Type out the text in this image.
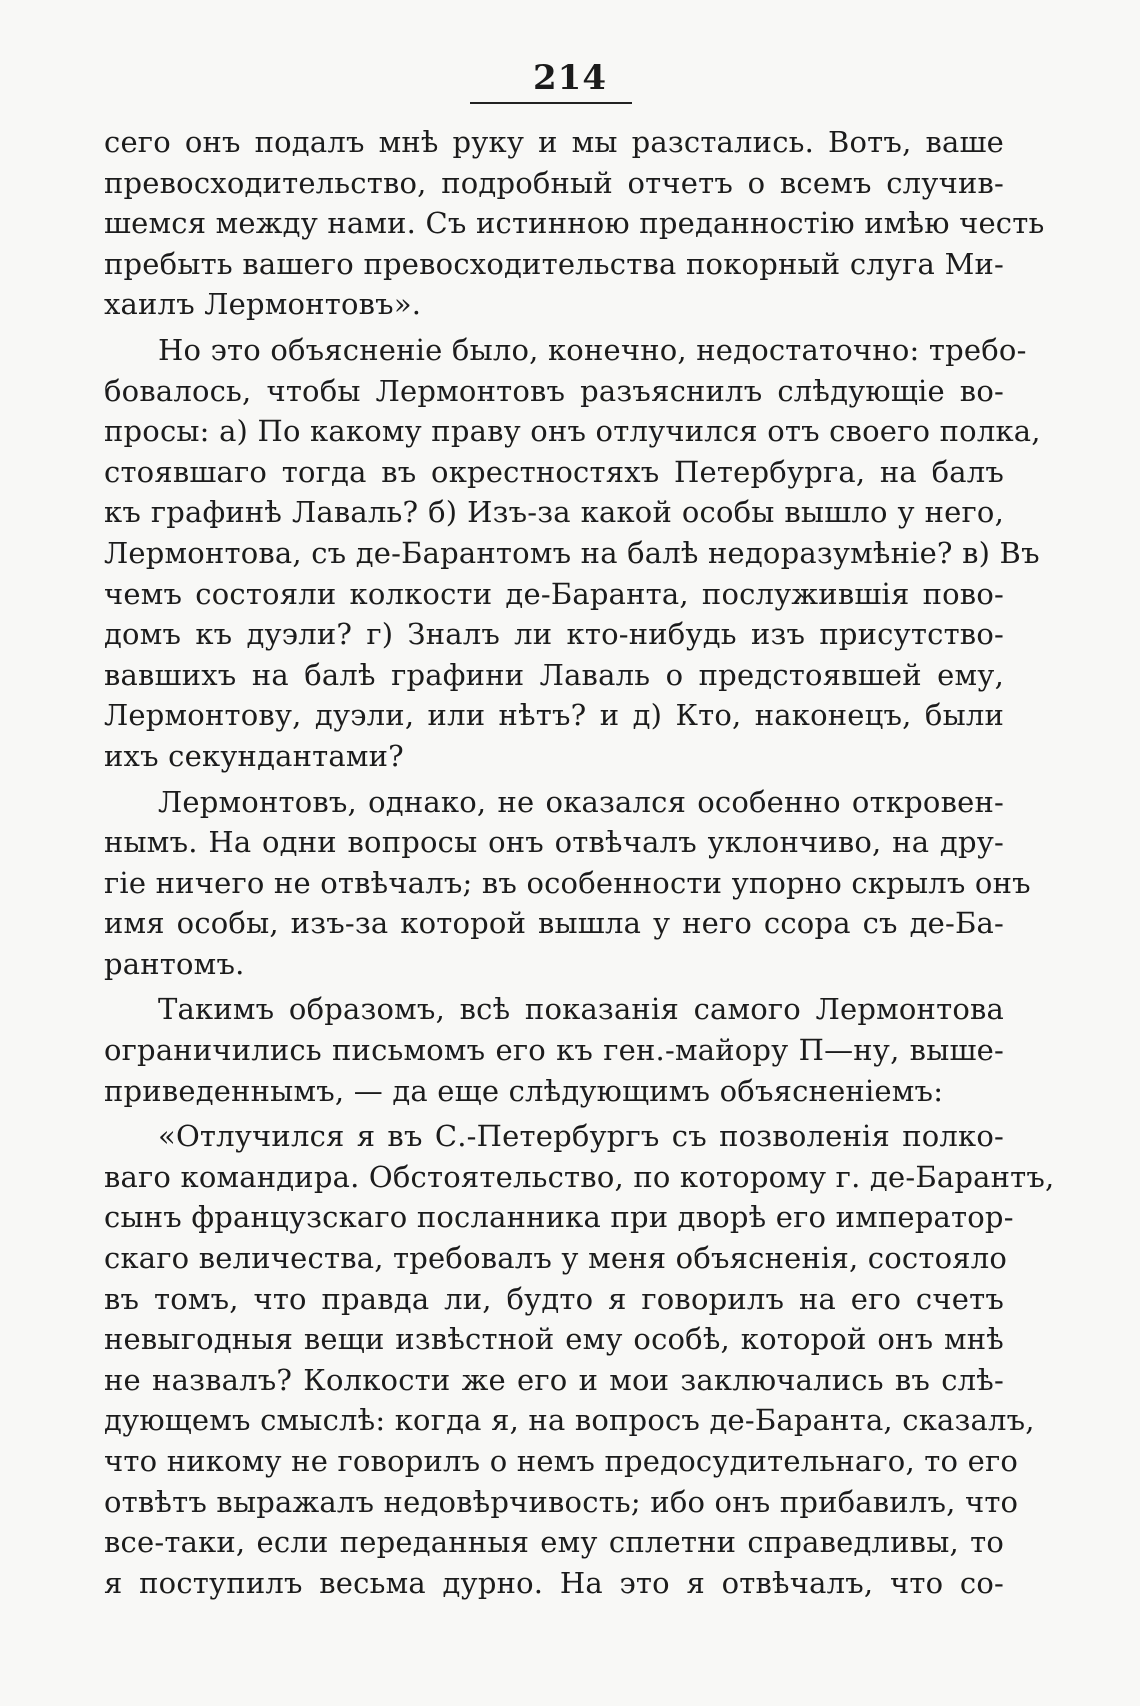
214
сего онъ подалъ мнѣ руку и мы разстались. Вотъ, ваше
превосходительство, подробный отчетъ о всемъ случив-
шемся между нами. Съ истинною преданностію имѣю честь
пребыть вашего превосходительства покорный слуга Ми-
хаилъ Лермонтовъ».
Но это объясненіе было, конечно, недостаточно: требо-
бовалось, чтобы Лермонтовъ разъяснилъ слѣдующіе во-
просы: а) По какому праву онъ отлучился отъ своего полка,
стоявшаго тогда въ окрестностяхъ Петербурга, на балъ
къ графинѣ Лаваль? б) Изъ-за какой особы вышло у него,
Лермонтова, съ де-Барантомъ на балѣ недоразумѣніе? в) Въ
чемъ состояли колкости де-Баранта, послужившія пово-
домъ къ дуэли? г) Зналъ ли кто-нибудь изъ присутство-
вавшихъ на балѣ графини Лаваль о предстоявшей ему,
Лермонтову, дуэли, или нѣтъ? и д) Кто, наконецъ, были
ихъ секундантами?
Лермонтовъ, однако, не оказался особенно откровен-
нымъ. На одни вопросы онъ отвѣчалъ уклончиво, на дру-
гіе ничего не отвѣчалъ; въ особенности упорно скрылъ онъ
имя особы, изъ-за которой вышла у него ссора съ де-Ба-
рантомъ.
Такимъ образомъ, всѣ показанія самого Лермонтова
ограничились письмомъ его къ ген.-майору П—ну, выше-
приведеннымъ, — да еще слѣдующимъ объясненіемъ:
«Отлучился я въ С.-Петербургъ съ позволенія полко-
ваго командира. Обстоятельство, по которому г. де-Барантъ,
сынъ французскаго посланника при дворѣ его император-
скаго величества, требовалъ у меня объясненія, состояло
въ томъ, что правда ли, будто я говорилъ на его счетъ
невыгодныя вещи извѣстной ему особѣ, которой онъ мнѣ
не назвалъ? Колкости же его и мои заключались въ слѣ-
дующемъ смыслѣ: когда я, на вопросъ де-Баранта, сказалъ,
что никому не говорилъ о немъ предосудительнаго, то его
отвѣтъ выражалъ недовѣрчивость; ибо онъ прибавилъ, что
все-таки, если переданныя ему сплетни справедливы, то
я поступилъ весьма дурно. На это я отвѣчалъ, что со-
